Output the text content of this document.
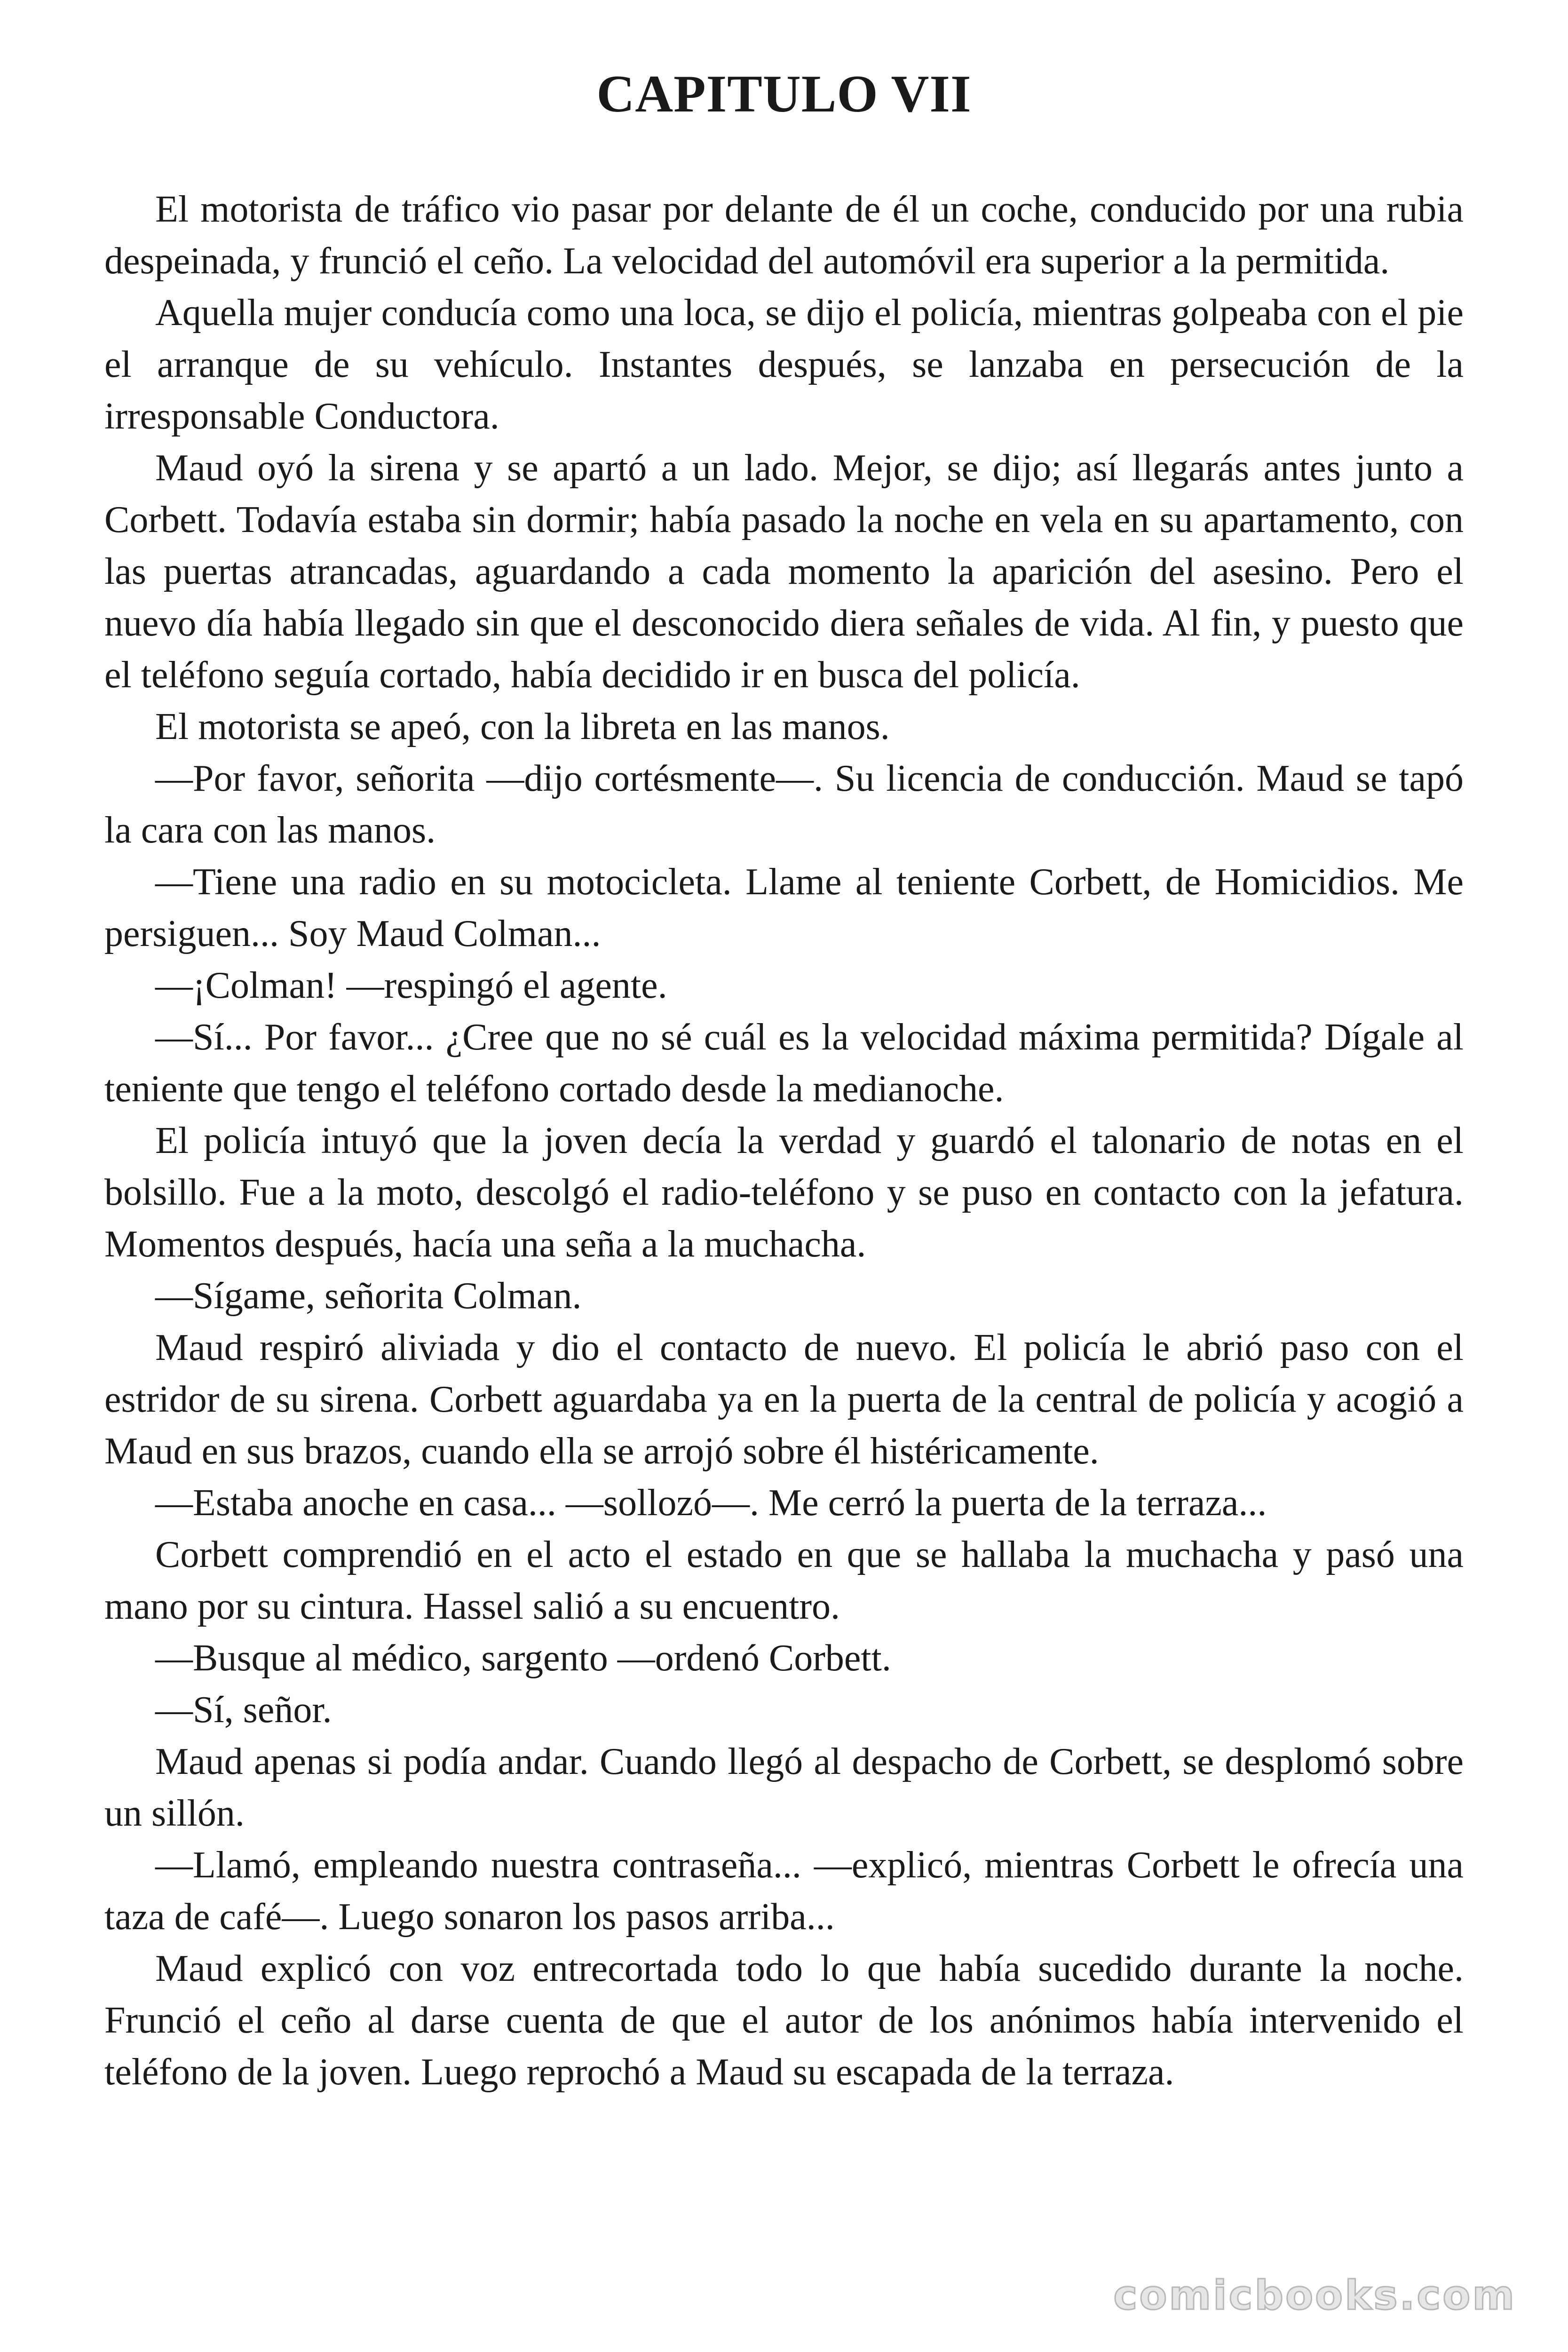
CAPITULO VII

El motorista de tráfico vio pasar por delante de él un coche, conducido por una rubia despeinada, y frunció el ceño. La velocidad del automóvil era superior a la permitida.

Aquella mujer conducía como una loca, se dijo el policía, mientras golpeaba con el pie el arranque de su vehículo. Instantes después, se lanzaba en persecución de la irresponsable Conductora.

Maud oyó la sirena y se apartó a un lado. Mejor, se dijo; así llegarás antes junto a Corbett. Todavía estaba sin dormir; había pasado la noche en vela en su apartamento, con las puertas atrancadas, aguardando a cada momento la aparición del asesino. Pero el nuevo día había llegado sin que el desconocido diera señales de vida. Al fin, y puesto que el teléfono seguía cortado, había decidido ir en busca del policía.

El motorista se apeó, con la libreta en las manos.

—Por favor, señorita —dijo cortésmente—. Su licencia de conducción. Maud se tapó la cara con las manos.

—Tiene una radio en su motocicleta. Llame al teniente Corbett, de Homicidios. Me persiguen... Soy Maud Colman...

—¡Colman! —respingó el agente.

—Sí... Por favor... ¿Cree que no sé cuál es la velocidad máxima permitida? Dígale al teniente que tengo el teléfono cortado desde la medianoche.

El policía intuyó que la joven decía la verdad y guardó el talonario de notas en el bolsillo. Fue a la moto, descolgó el radio-teléfono y se puso en contacto con la jefatura. Momentos después, hacía una seña a la muchacha.

—Sígame, señorita Colman.

Maud respiró aliviada y dio el contacto de nuevo. El policía le abrió paso con el estridor de su sirena. Corbett aguardaba ya en la puerta de la central de policía y acogió a Maud en sus brazos, cuando ella se arrojó sobre él histéricamente.

—Estaba anoche en casa... —sollozó—. Me cerró la puerta de la terraza...

Corbett comprendió en el acto el estado en que se hallaba la muchacha y pasó una mano por su cintura. Hassel salió a su encuentro.

—Busque al médico, sargento —ordenó Corbett.

—Sí, señor.

Maud apenas si podía andar. Cuando llegó al despacho de Corbett, se desplomó sobre un sillón.

—Llamó, empleando nuestra contraseña... —explicó, mientras Corbett le ofrecía una taza de café—. Luego sonaron los pasos arriba...

Maud explicó con voz entrecortada todo lo que había sucedido durante la noche. Frunció el ceño al darse cuenta de que el autor de los anónimos había intervenido el teléfono de la joven. Luego reprochó a Maud su escapada de la terraza.

comicbooks.com
